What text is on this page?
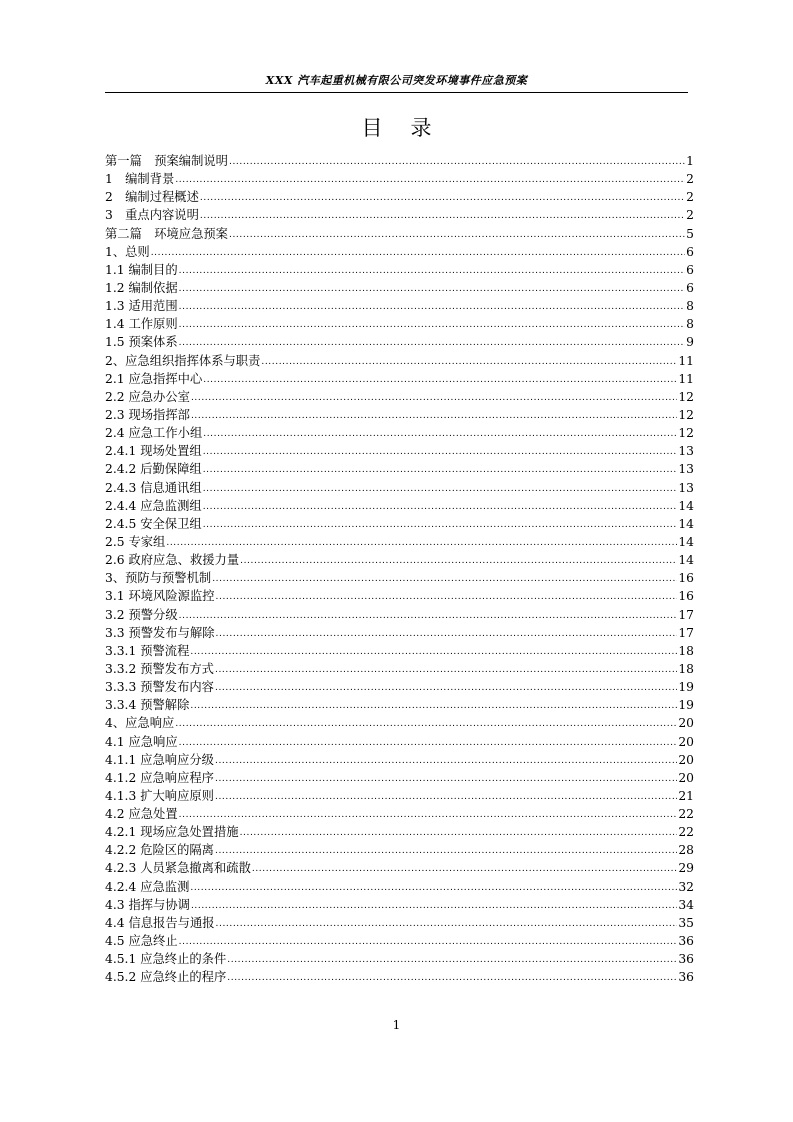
XXX 汽车起重机械有限公司突发环境事件应急预案
目录
第一篇　预案编制说明 .....	1
1　编制背景 .....	2
2　编制过程概述 .....	2
3　重点内容说明 .....	2
第二篇　环境应急预案 .....	5
1、总则 .....	6
1.1 编制目的 .....	6
1.2 编制依据 .....	6
1.3 适用范围 .....	8
1.4 工作原则 .....	8
1.5 预案体系 .....	9
2、应急组织指挥体系与职责 .....	11
2.1 应急指挥中心 .....	11
2.2 应急办公室 .....	12
2.3 现场指挥部 .....	12
2.4 应急工作小组 .....	12
2.4.1 现场处置组 .....	13
2.4.2 后勤保障组 .....	13
2.4.3 信息通讯组 .....	13
2.4.4 应急监测组 .....	14
2.4.5 安全保卫组 .....	14
2.5 专家组 .....	14
2.6 政府应急、救援力量 .....	14
3、预防与预警机制 .....	16
3.1 环境风险源监控 .....	16
3.2 预警分级 .....	17
3.3 预警发布与解除 .....	17
3.3.1 预警流程 .....	18
3.3.2 预警发布方式 .....	18
3.3.3 预警发布内容 .....	19
3.3.4 预警解除 .....	19
4、应急响应 .....	20
4.1 应急响应 .....	20
4.1.1 应急响应分级 .....	20
4.1.2 应急响应程序 .....	20
4.1.3 扩大响应原则 .....	21
4.2 应急处置 .....	22
4.2.1 现场应急处置措施 .....	22
4.2.2 危险区的隔离 .....	28
4.2.3 人员紧急撤离和疏散 .....	29
4.2.4 应急监测 .....	32
4.3 指挥与协调 .....	34
4.4 信息报告与通报 .....	35
4.5 应急终止 .....	36
4.5.1 应急终止的条件 .....	36
4.5.2 应急终止的程序 .....	36
1
